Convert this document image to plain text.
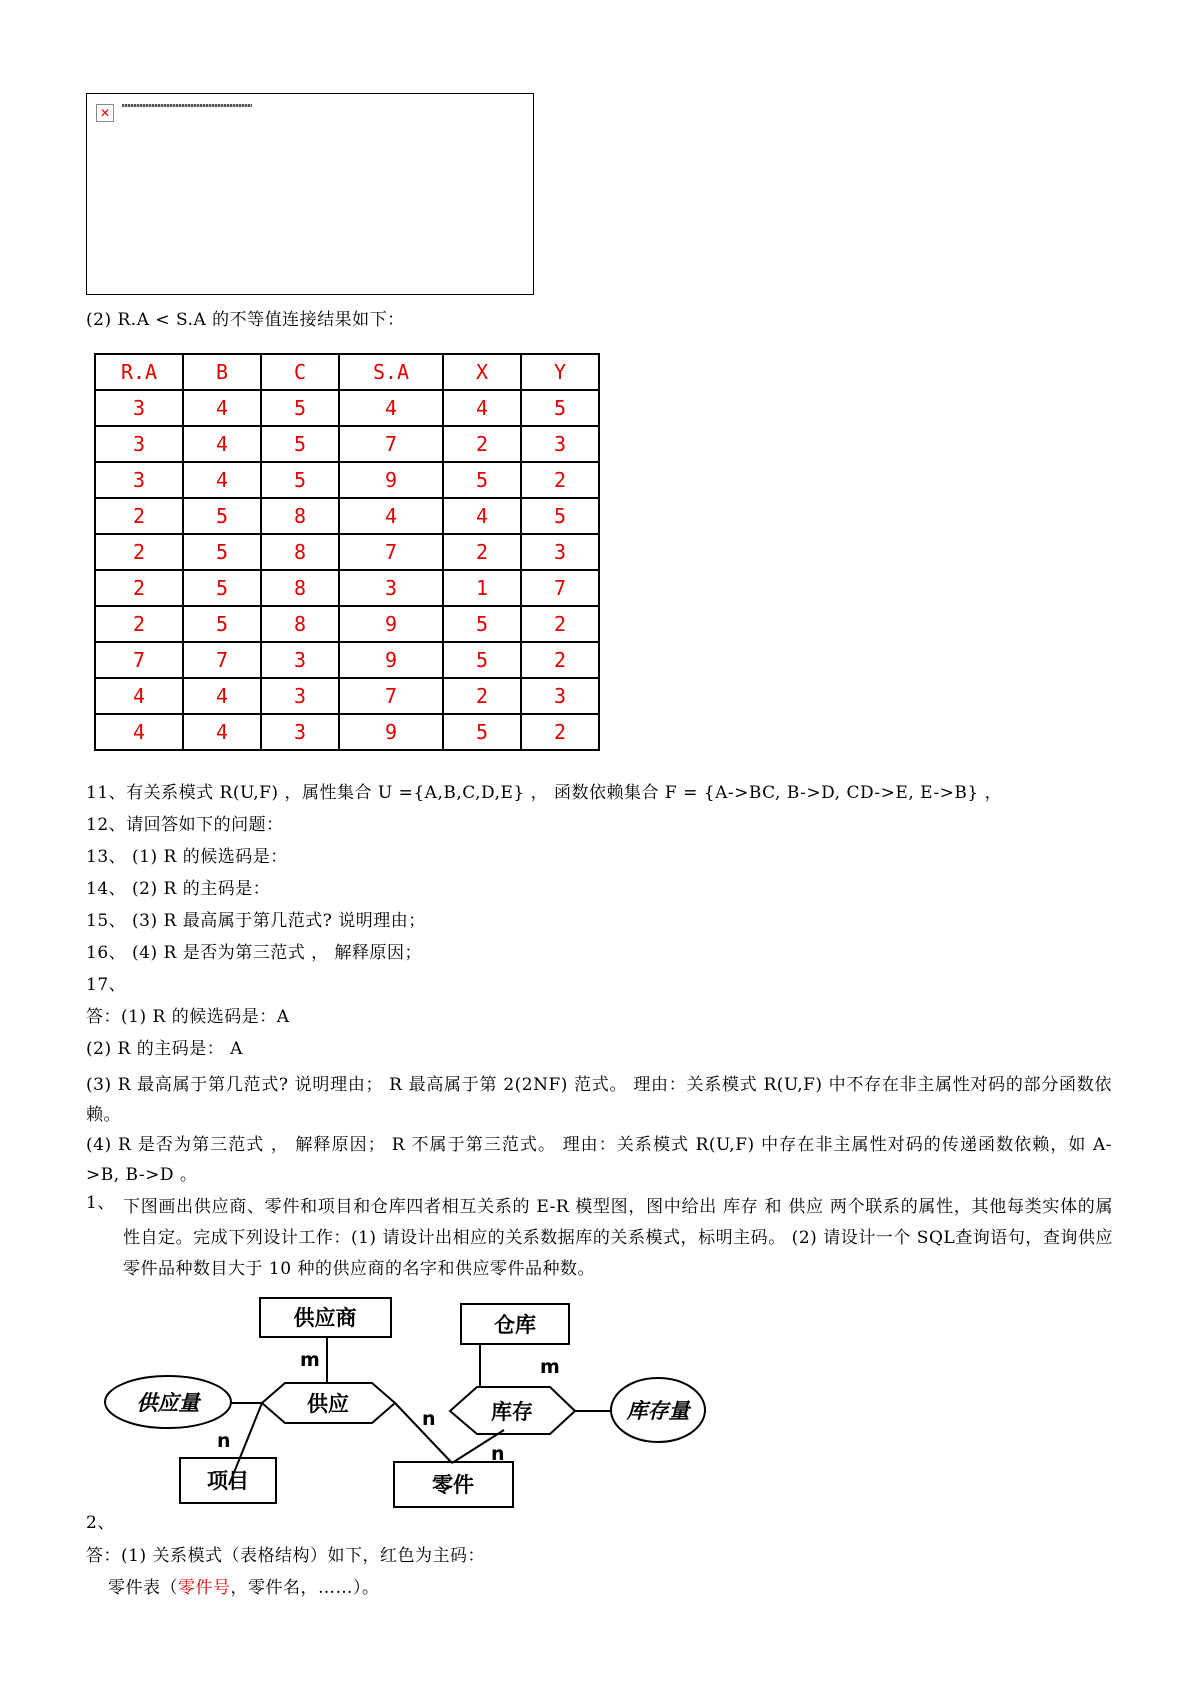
✕
(2) R.A < S.A 的不等值连接结果如下：
R.A	B	C	S.A	X	Y
3	4	5	4	4	5
3	4	5	7	2	3
3	4	5	9	5	2
2	5	8	4	4	5
2	5	8	7	2	3
2	5	8	3	1	7
2	5	8	9	5	2
7	7	3	9	5	2
4	4	3	7	2	3
4	4	3	9	5	2
11、有关系模式 R(U,F) ，属性集合 U ={A,B,C,D,E} ， 函数依赖集合 F = {A->BC, B->D, CD->E, E->B} ，
12、请回答如下的问题：
13、 (1) R 的候选码是：
14、 (2) R 的主码是：
15、 (3) R 最高属于第几范式? 说明理由；
16、 (4) R 是否为第三范式 ， 解释原因；
17、
答：(1) R 的候选码是：A
(2) R 的主码是： A
(3) R 最高属于第几范式? 说明理由； R 最高属于第 2(2NF) 范式。 理由：关系模式 R(U,F) 中不存在非主属性对码的部分函数依赖。
(4) R 是否为第三范式 ， 解释原因； R 不属于第三范式。 理由：关系模式 R(U,F) 中存在非主属性对码的传递函数依赖，如 A->B, B->D 。
1、 下图画出供应商、零件和项目和仓库四者相互关系的 E-R 模型图，图中给出 库存 和 供应 两个联系的属性，其他每类实体的属性自定。完成下列设计工作：(1) 请设计出相应的关系数据库的关系模式，标明主码。 (2) 请设计一个 SQL查询语句，查询供应零件品种数目大于 10 种的供应商的名字和供应零件品种数。
供应商	仓库
项目	零件
供应	库存
供应量	库存量
m	m
n
n
n
2、
答：(1) 关系模式（表格结构）如下，红色为主码：
零件表（零件号，零件名，……）。
